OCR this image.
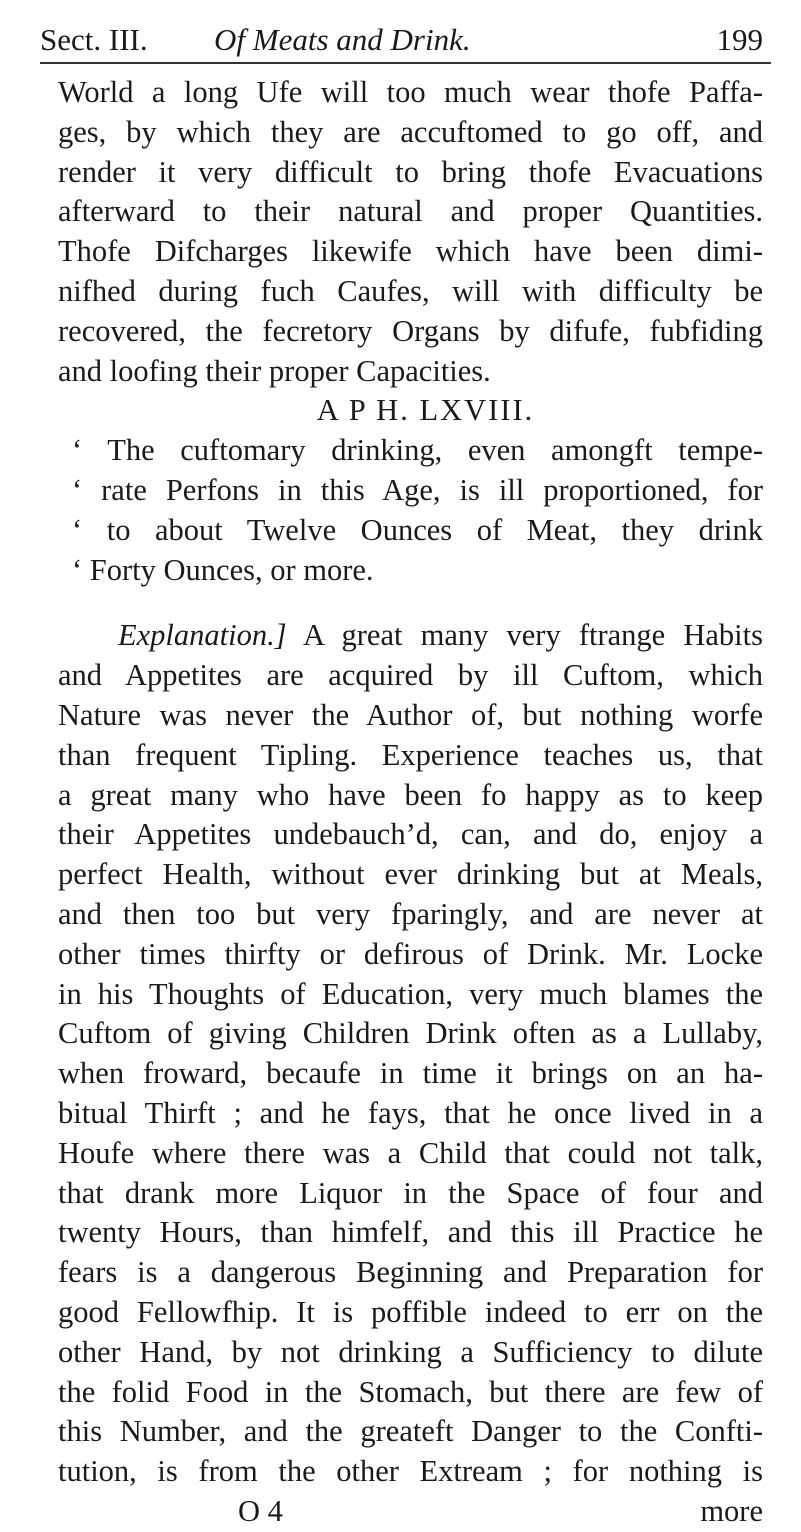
Sect. III.	Of Meats and Drink.	199
World a long Ufe will too much wear thofe Paffa-
ges, by which they are accuftomed to go off, and
render it very difficult to bring thofe Evacuations
afterward to their natural and proper Quantities.
Thofe Difcharges likewife which have been dimi-
nifhed during fuch Caufes, will with difficulty be
recovered, the fecretory Organs by difufe, fubfiding
and loofing their proper Capacities.
A P H. LXVIII.
‘ The cuftomary drinking, even amongft tempe-
‘ rate Perfons in this Age, is ill proportioned, for
‘ to about Twelve Ounces of Meat, they drink
‘ Forty Ounces, or more.
Explanation.] A great many very ftrange Habits
and Appetites are acquired by ill Cuftom, which
Nature was never the Author of, but nothing worfe
than frequent Tipling. Experience teaches us, that
a great many who have been fo happy as to keep
their Appetites undebauch’d, can, and do, enjoy a
perfect Health, without ever drinking but at Meals,
and then too but very fparingly, and are never at
other times thirfty or defirous of Drink. Mr. Locke
in his Thoughts of Education, very much blames the
Cuftom of giving Children Drink often as a Lullaby,
when froward, becaufe in time it brings on an ha-
bitual Thirft ; and he fays, that he once lived in a
Houfe where there was a Child that could not talk,
that drank more Liquor in the Space of four and
twenty Hours, than himfelf, and this ill Practice he
fears is a dangerous Beginning and Preparation for
good Fellowfhip. It is poffible indeed to err on the
other Hand, by not drinking a Sufficiency to dilute
the folid Food in the Stomach, but there are few of
this Number, and the greateft Danger to the Confti-
tution, is from the other Extream ; for nothing is
O 4	more
